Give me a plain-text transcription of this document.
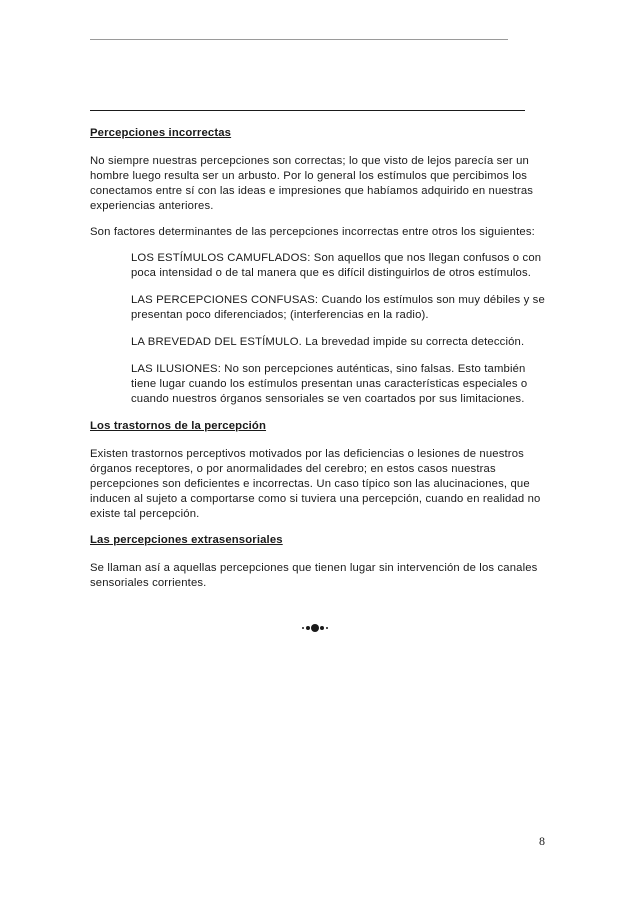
Percepciones incorrectas

No siempre nuestras percepciones son correctas; lo que visto de lejos parecía ser un hombre luego resulta ser un arbusto. Por lo general los estímulos que percibimos los conectamos entre sí con las ideas e impresiones que habíamos adquirido en nuestras experiencias anteriores.

Son factores determinantes de las percepciones incorrectas entre otros los siguientes:

LOS ESTÍMULOS CAMUFLADOS: Son aquellos que nos llegan confusos o con poca intensidad o de tal manera que es difícil distinguirlos de otros estímulos.

LAS PERCEPCIONES CONFUSAS: Cuando los estímulos son muy débiles y se presentan poco diferenciados; (interferencias en la radio).

LA BREVEDAD DEL ESTÍMULO. La brevedad impide su correcta detección.

LAS ILUSIONES: No son percepciones auténticas, sino falsas. Esto también tiene lugar cuando los estímulos presentan unas características especiales o cuando nuestros órganos sensoriales se ven coartados por sus limitaciones.

Los trastornos de la percepción

Existen trastornos perceptivos motivados por las deficiencias o lesiones de nuestros órganos receptores, o por anormalidades del cerebro; en estos casos nuestras percepciones son deficientes e incorrectas. Un caso típico son las alucinaciones, que inducen al sujeto a comportarse como si tuviera una percepción, cuando en realidad no existe tal percepción.

Las percepciones extrasensoriales

Se llaman así a aquellas percepciones que tienen lugar sin intervención de los canales sensoriales corrientes.

8
